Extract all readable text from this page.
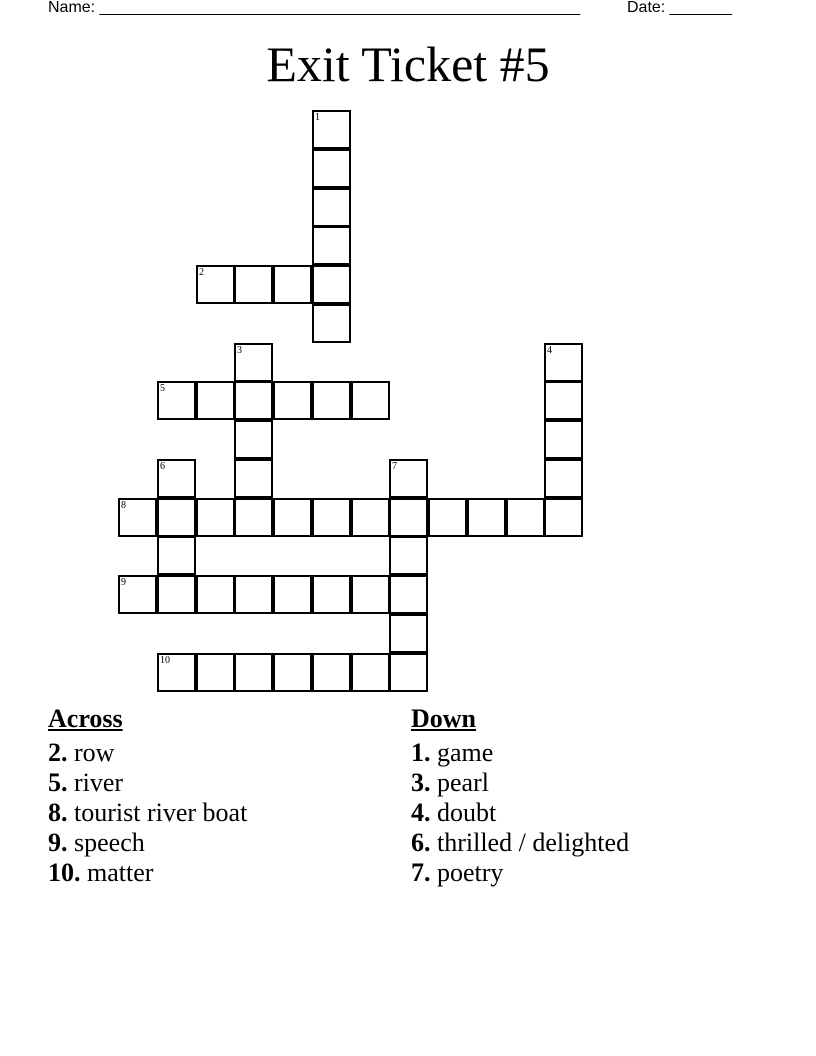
Name: ______________________________________________________	Date: _______
Exit Ticket #5
1
2
3	4
5
6	7
8
9
10
Across
2. row
5. river
8. tourist river boat
9. speech
10. matter
Down
1. game
3. pearl
4. doubt
6. thrilled / delighted
7. poetry
